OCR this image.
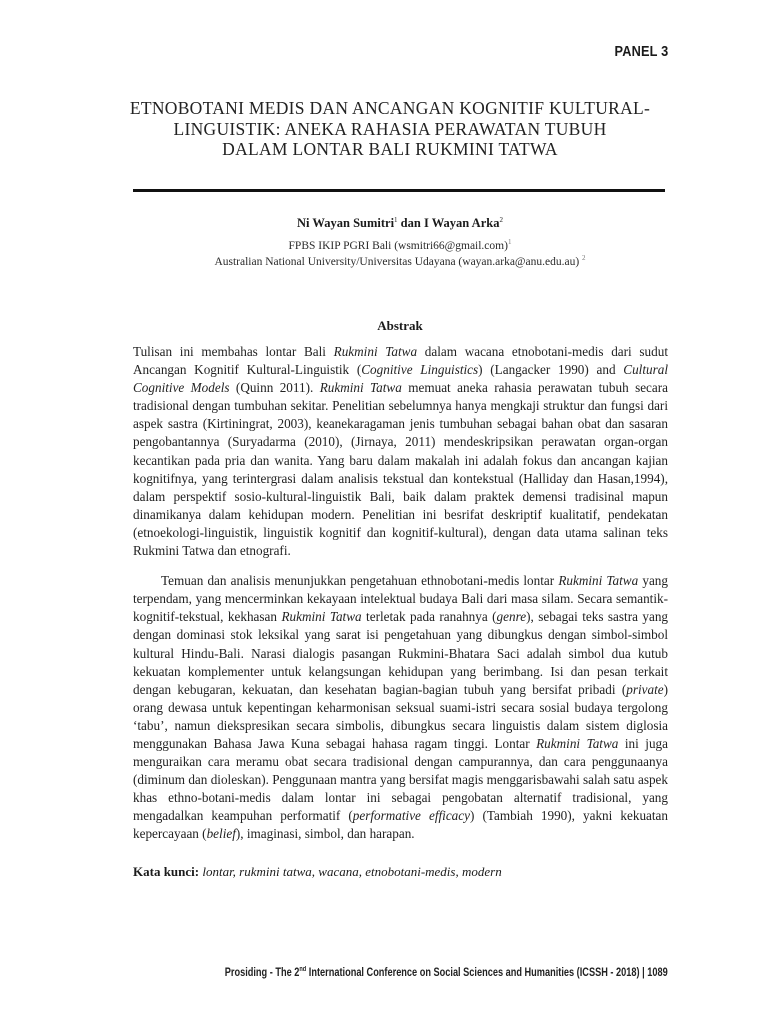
PANEL 3
ETNOBOTANI MEDIS DAN ANCANGAN KOGNITIF KULTURAL-
LINGUISTIK: ANEKA RAHASIA PERAWATAN TUBUH
DALAM LONTAR BALI RUKMINI TATWA
Ni Wayan Sumitri$^1$ dan I Wayan Arka$^2$
FPBS IKIP PGRI Bali (wsmitri66@gmail.com)$^1$
Australian National University/Universitas Udayana (wayan.arka@anu.edu.au) $^2$
Abstrak

Tulisan ini membahas lontar Bali Rukmini Tatwa dalam wacana etnobotani-medis dari sudut Ancangan Kognitif Kultural-Linguistik (Cognitive Linguistics) (Langacker 1990) and Cultural Cognitive Models (Quinn 2011). Rukmini Tatwa memuat aneka rahasia perawatan tubuh secara tradisional dengan tumbuhan sekitar. Penelitian sebelumnya hanya mengkaji struktur dan fungsi dari aspek sastra (Kirtiningrat, 2003), keanekaragaman jenis tumbuhan sebagai bahan obat dan sasaran pengobantannya (Suryadarma (2010), (Jirnaya, 2011) mendeskripsikan perawatan organ-organ kecantikan pada pria dan wanita. Yang baru dalam makalah ini adalah fokus dan ancangan kajian kognitifnya, yang terintergrasi dalam analisis tekstual dan kontekstual (Halliday dan Hasan,1994), dalam perspektif sosio-kultural-linguistik Bali, baik dalam praktek demensi tradisinal mapun dinamikanya dalam kehidupan modern. Penelitian ini besrifat deskriptif kualitatif, pendekatan (etnoekologi-linguistik, linguistik kognitif dan kognitif-kultural), dengan data utama salinan teks Rukmini Tatwa dan etnografi.

Temuan dan analisis menunjukkan pengetahuan ethnobotani-medis lontar Rukmini Tatwa yang terpendam, yang mencerminkan kekayaan intelektual budaya Bali dari masa silam. Secara semantik-kognitif-tekstual, kekhasan Rukmini Tatwa terletak pada ranahnya (genre), sebagai teks sastra yang dengan dominasi stok leksikal yang sarat isi pengetahuan yang dibungkus dengan simbol-simbol kultural Hindu-Bali. Narasi dialogis pasangan Rukmini-Bhatara Saci adalah simbol dua kutub kekuatan komplementer untuk kelangsungan kehidupan yang berimbang. Isi dan pesan terkait dengan kebugaran, kekuatan, dan kesehatan bagian-bagian tubuh yang bersifat pribadi (private) orang dewasa untuk kepentingan keharmonisan seksual suami-istri secara sosial budaya tergolong ‘tabu’, namun diekspresikan secara simbolis, dibungkus secara linguistis dalam sistem diglosia menggunakan Bahasa Jawa Kuna sebagai hahasa ragam tinggi. Lontar Rukmini Tatwa ini juga menguraikan cara meramu obat secara tradisional dengan campurannya, dan cara penggunaanya (diminum dan dioleskan). Penggunaan mantra yang bersifat magis menggarisbawahi salah satu aspek khas ethno-botani-medis dalam lontar ini sebagai pengobatan alternatif tradisional, yang mengadalkan keampuhan performatif (performative efficacy) (Tambiah 1990), yakni kekuatan kepercayaan (belief), imaginasi, simbol, dan harapan.

Kata kunci: lontar, rukmini tatwa, wacana, etnobotani-medis, modern
Prosiding - The 2nd International Conference on Social Sciences and Humanities (ICSSH - 2018) | 1089
